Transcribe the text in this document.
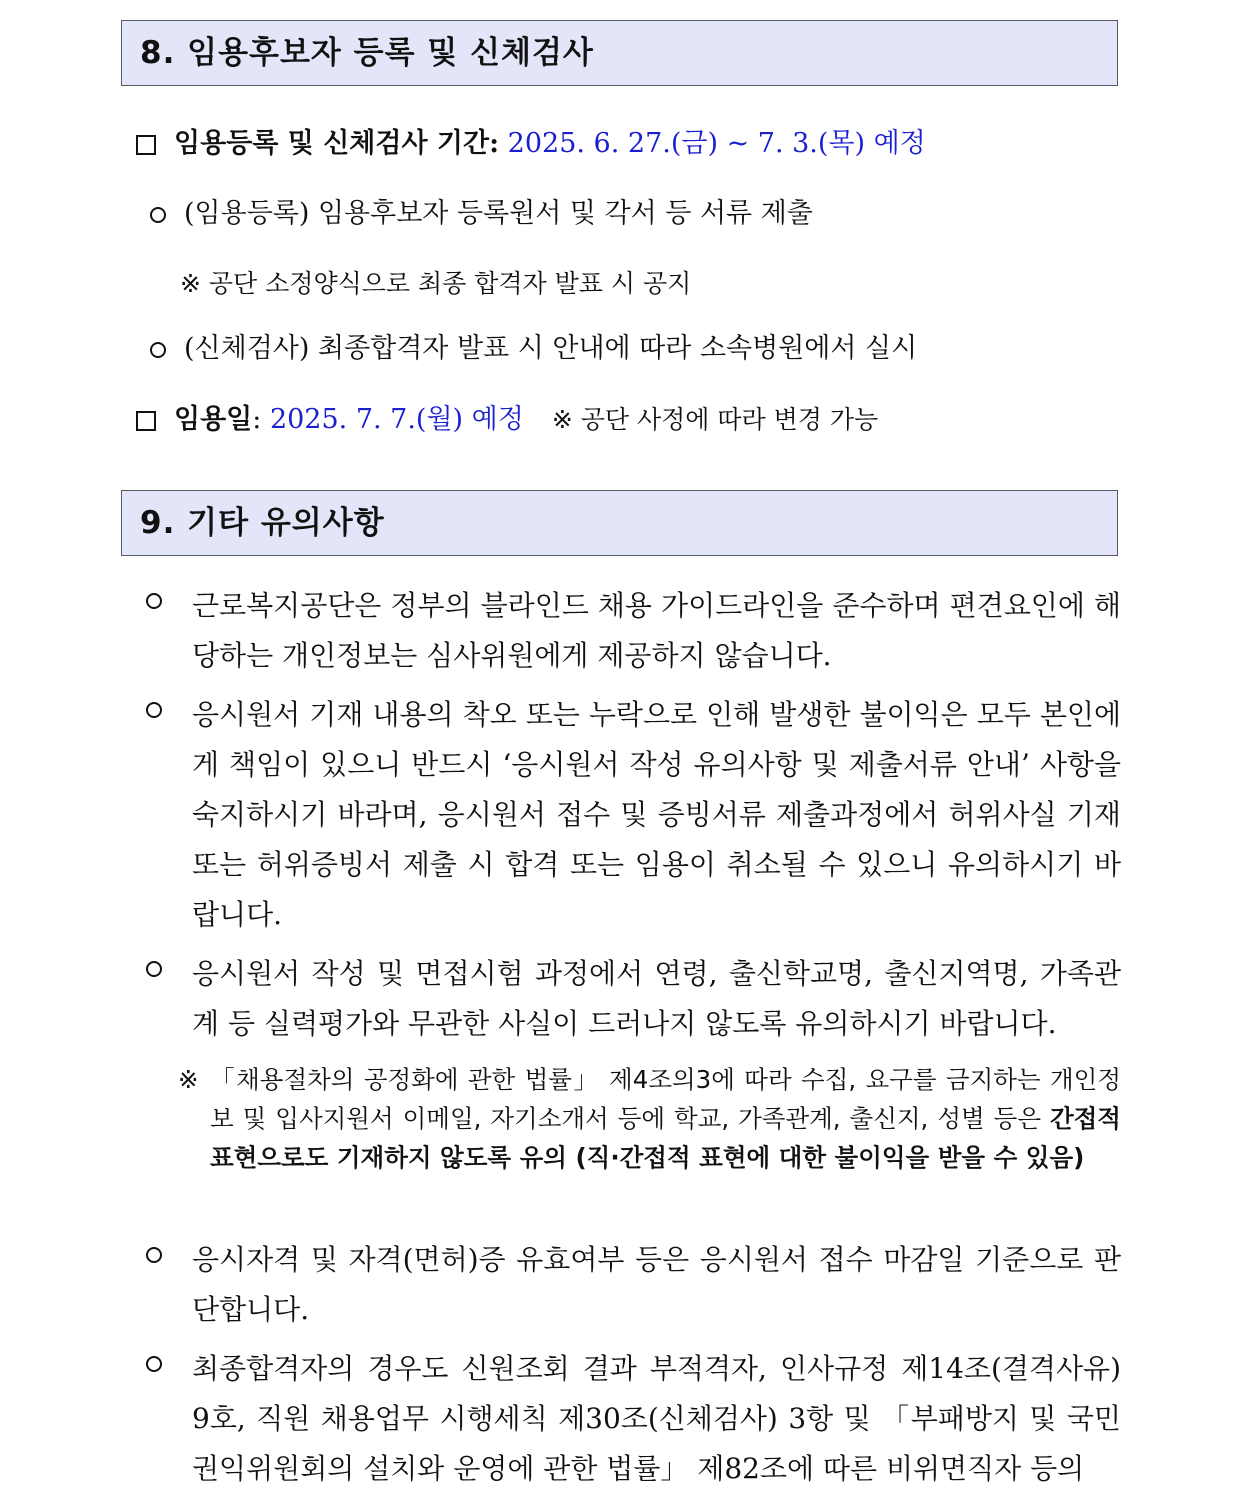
8. 임용후보자 등록 및 신체검사
임용등록 및 신체검사 기간: 2025. 6. 27.(금) ~ 7. 3.(목) 예정
(임용등록) 임용후보자 등록원서 및 각서 등 서류 제출
※ 공단 소정양식으로 최종 합격자 발표 시 공지
(신체검사) 최종합격자 발표 시 안내에 따라 소속병원에서 실시
임용일: 2025. 7. 7.(월) 예정 ※ 공단 사정에 따라 변경 가능
9. 기타 유의사항
근로복지공단은 정부의 블라인드 채용 가이드라인을 준수하며 편견요인에 해당하는 개인정보는 심사위원에게 제공하지 않습니다.
응시원서 기재 내용의 착오 또는 누락으로 인해 발생한 불이익은 모두 본인에게 책임이 있으니 반드시 ‘응시원서 작성 유의사항 및 제출서류 안내’ 사항을 숙지하시기 바라며, 응시원서 접수 및 증빙서류 제출과정에서 허위사실 기재 또는 허위증빙서 제출 시 합격 또는 임용이 취소될 수 있으니 유의하시기 바랍니다.
응시원서 작성 및 면접시험 과정에서 연령, 출신학교명, 출신지역명, 가족관계 등 실력평가와 무관한 사실이 드러나지 않도록 유의하시기 바랍니다.
※ 「채용절차의 공정화에 관한 법률」 제4조의3에 따라 수집, 요구를 금지하는 개인정보 및 입사지원서 이메일, 자기소개서 등에 학교, 가족관계, 출신지, 성별 등은 간접적 표현으로도 기재하지 않도록 유의 (직·간접적 표현에 대한 불이익을 받을 수 있음)
응시자격 및 자격(면허)증 유효여부 등은 응시원서 접수 마감일 기준으로 판단합니다.
최종합격자의 경우도 신원조회 결과 부적격자, 인사규정 제14조(결격사유) 9호, 직원 채용업무 시행세칙 제30조(신체검사) 3항 및 「부패방지 및 국민권익위원회의 설치와 운영에 관한 법률」 제82조에 따른 비위면직자 등의
